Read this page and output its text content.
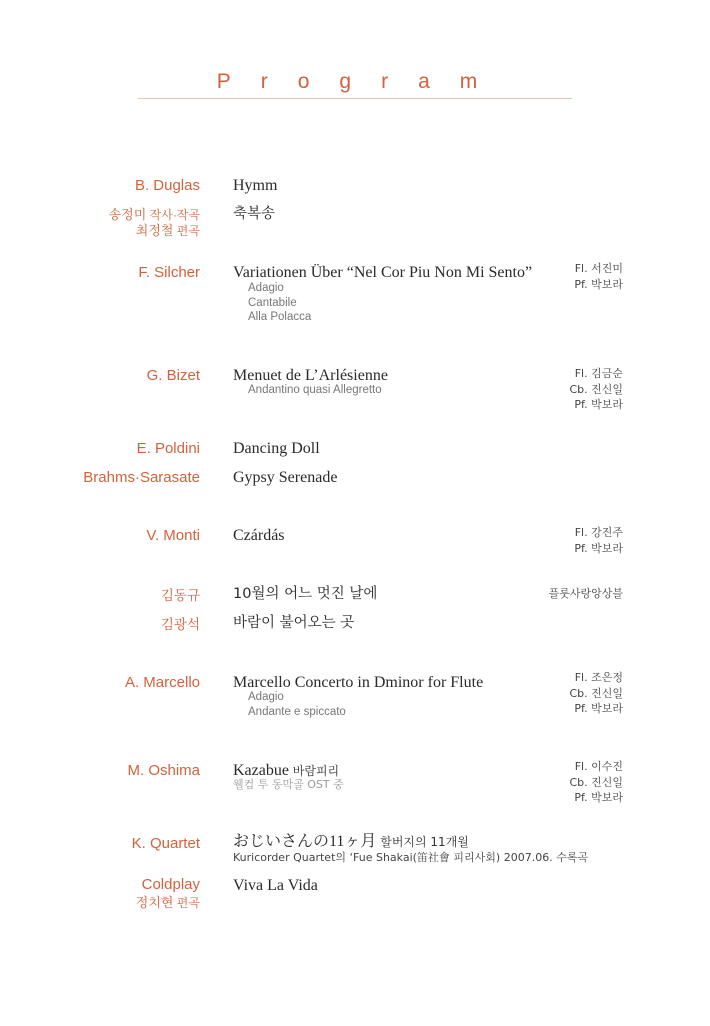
Program
B. Duglas Hymm
송정미 작사·작곡
최정철 편곡
축복송
F. Silcher Variationen Über “Nel Cor Piu Non Mi Sento”
Adagio
Cantabile
Alla Polacca
Fl. 서진미
Pf. 박보라
G. Bizet Menuet de L’Arlésienne
Andantino quasi Allegretto
Fl. 김금순
Cb. 진신일
Pf. 박보라
E. Poldini Dancing Doll
Brahms·Sarasate Gypsy Serenade
V. Monti Czárdás	Fl. 강진주
Pf. 박보라
김동규 10월의 어느 멋진 날에	플룻사랑앙상블
김광석 바람이 불어오는 곳
A. Marcello Marcello Concerto in Dminor for Flute
Adagio
Andante e spiccato
Fl. 조은정
Cb. 진신일
Pf. 박보라
M. Oshima Kazabue 바람피리
웰컴 투 동막골 OST 중
Fl. 이수진
Cb. 진신일
Pf. 박보라
K. Quartet おじいさんの11ヶ月 할버지의 11개월
Kuricorder Quartet의 ‘Fue Shakai(笛社會 피리사회) 2007.06. 수록곡
Coldplay
정치현 편곡
Viva La Vida
